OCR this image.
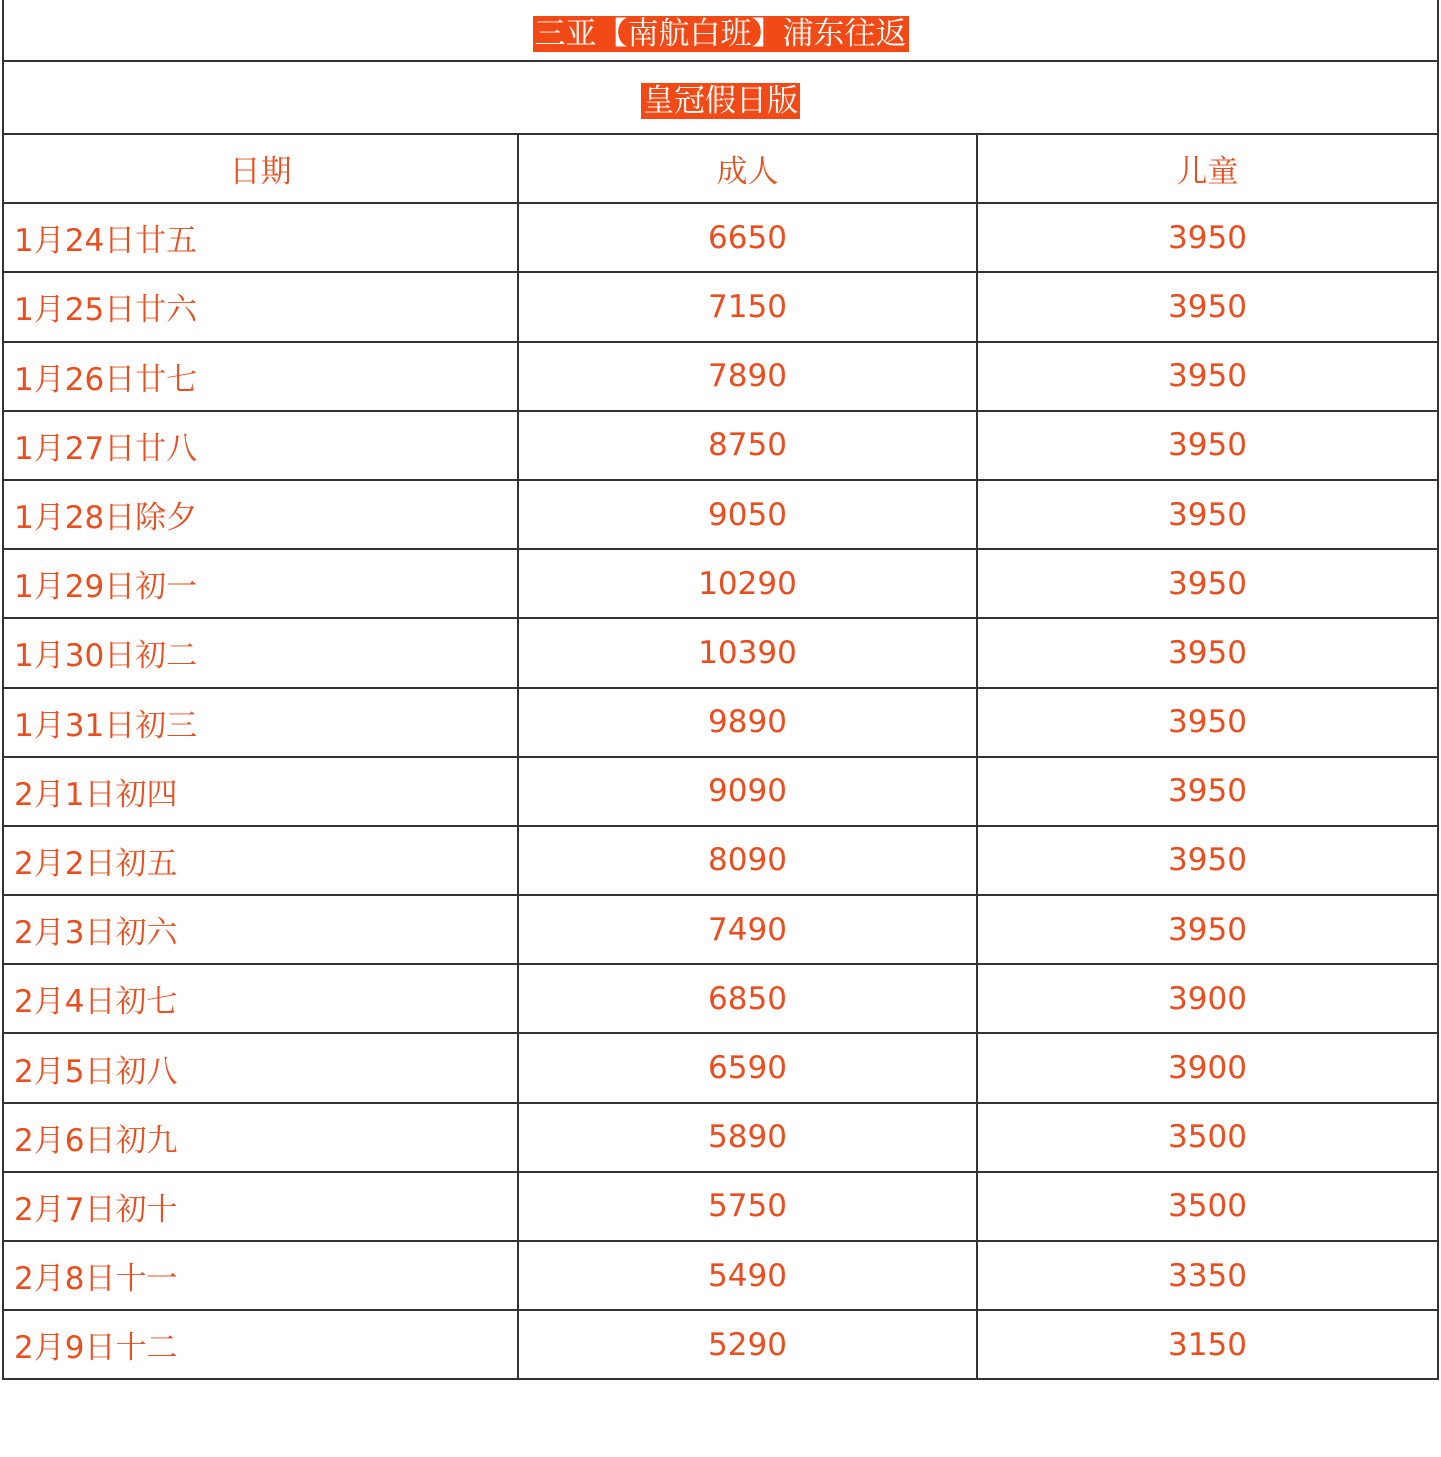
三亚【南航白班】浦东往返		
皇冠假日版		
日期	成人	儿童
1月24日廿五	6650	3950
1月25日廿六	7150	3950
1月26日廿七	7890	3950
1月27日廿八	8750	3950
1月28日除夕	9050	3950
1月29日初一	10290	3950
1月30日初二	10390	3950
1月31日初三	9890	3950
2月1日初四	9090	3950
2月2日初五	8090	3950
2月3日初六	7490	3950
2月4日初七	6850	3900
2月5日初八	6590	3900
2月6日初九	5890	3500
2月7日初十	5750	3500
2月8日十一	5490	3350
2月9日十二	5290	3150
